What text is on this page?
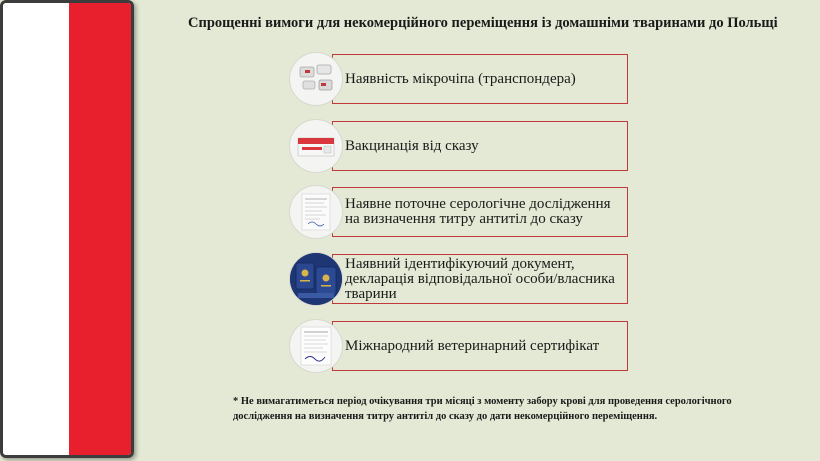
Спрощенні вимоги для некомерційного переміщення із домашніми тваринами до Польщі
Наявність мікрочіпа (транспондера)
Вакцинація від сказу
Наявне поточне серологічне дослідження на визначення титру антитіл до сказу
Наявний ідентифікуючий документ, декларація відповідальної особи/власника тварини
Міжнародний ветеринарний сертифікат
* Не вимагатиметься період очікування три місяці з моменту забору крові для проведення серологічного дослідження на визначення титру антитіл до сказу до дати некомерційного переміщення.
